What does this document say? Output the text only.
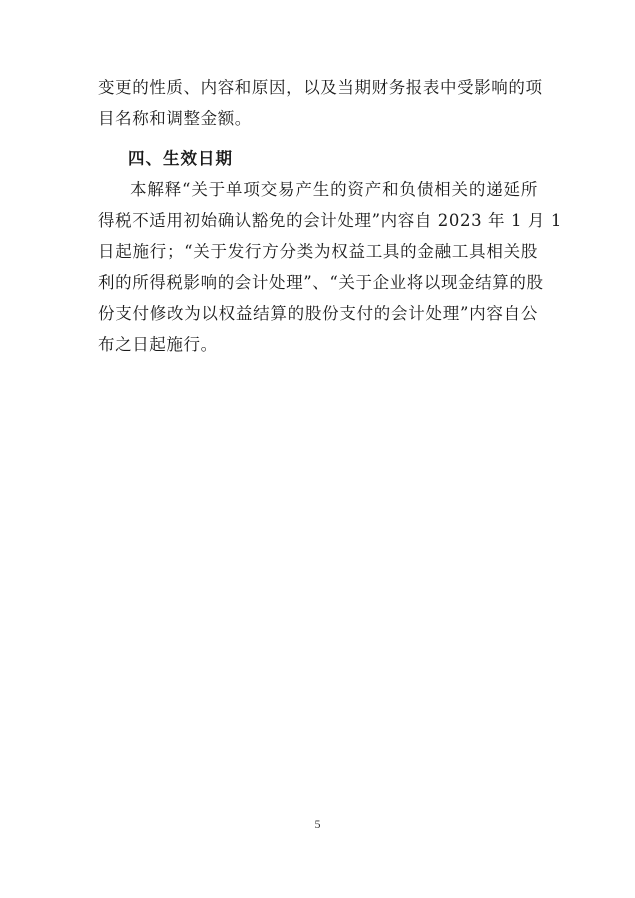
变更的性质、内容和原因，以及当期财务报表中受影响的项
目名称和调整金额。
四、生效日期
本解释“关于单项交易产生的资产和负债相关的递延所
得税不适用初始确认豁免的会计处理”内容自 2023 年 1 月 1
日起施行；“关于发行方分类为权益工具的金融工具相关股
利的所得税影响的会计处理”、“关于企业将以现金结算的股
份支付修改为以权益结算的股份支付的会计处理”内容自公
布之日起施行。
5
